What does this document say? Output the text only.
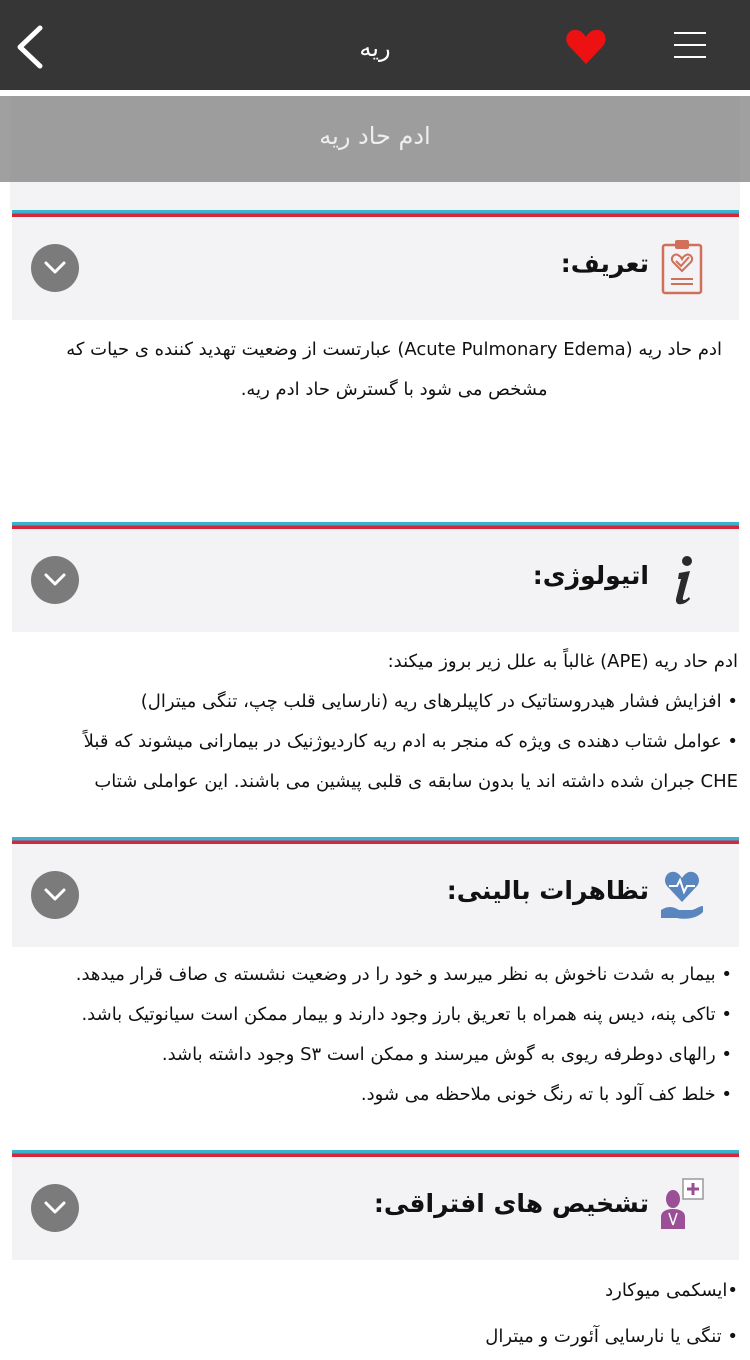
ریه
ادم حاد ریه
تعریف:

ادم حاد ریه (Acute Pulmonary Edema) عبارتست از وضعیت تهدید کننده ی حیات که

مشخص می شود با گسترش حاد ادم ریه.

اتیولوژی:

ادم حاد ریه (APE) غالباً به علل زیر بروز میکند:

• افزایش فشار هیدروستاتیک در کاپیلرهای ریه (نارسایی قلب چپ، تنگی میترال)

• عوامل شتاب دهنده ی ویژه که منجر به ادم ریه کاردیوژنیک در بیمارانی میشوند که قبلاً

CHE جبران شده داشته اند یا بدون سابقه ی قلبی پیشین می باشند. این عواملی شتاب

تظاهرات بالینی:

• بیمار به شدت ناخوش به نظر میرسد و خود را در وضعیت نشسته ی صاف قرار میدهد.

• تاکی پنه، دیس پنه همراه با تعریق بارز وجود دارند و بیمار ممکن است سیانوتیک باشد.

• رالهای دوطرفه ریوی به گوش میرسند و ممکن است S۳ وجود داشته باشد.

• خلط کف آلود با ته رنگ خونی ملاحظه می شود.

تشخیص های افتراقی:

•ایسکمی میوکارد

• تنگی یا نارسایی آئورت و میترال
